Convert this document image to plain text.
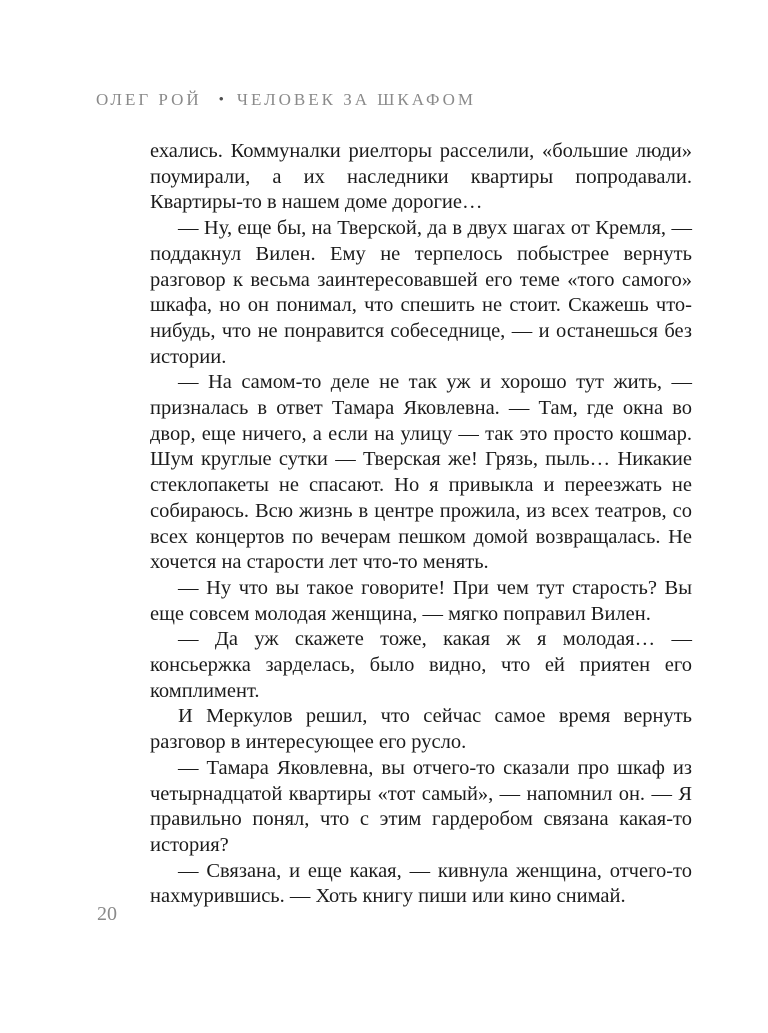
ОЛЕГ РОЙ • ЧЕЛОВЕК ЗА ШКАФОМ

ехались. Коммуналки риелторы расселили, «большие люди» поумирали, а их наследники квартиры попродавали. Квартиры-то в нашем доме дорогие…

— Ну, еще бы, на Тверской, да в двух шагах от Кремля, — поддакнул Вилен. Ему не терпелось побыстрее вернуть разговор к весьма заинтересовавшей его теме «того самого» шкафа, но он понимал, что спешить не стоит. Скажешь что-нибудь, что не понравится собеседнице, — и останешься без истории.

— На самом-то деле не так уж и хорошо тут жить, — призналась в ответ Тамара Яковлевна. — Там, где окна во двор, еще ничего, а если на улицу — так это просто кошмар. Шум круглые сутки — Тверская же! Грязь, пыль… Никакие стеклопакеты не спасают. Но я привыкла и переезжать не собираюсь. Всю жизнь в центре прожила, из всех театров, со всех концертов по вечерам пешком домой возвращалась. Не хочется на старости лет что-то менять.

— Ну что вы такое говорите! При чем тут старость? Вы еще совсем молодая женщина, — мягко поправил Вилен.

— Да уж скажете тоже, какая ж я молодая… — консьержка зарделась, было видно, что ей приятен его комплимент.

И Меркулов решил, что сейчас самое время вернуть разговор в интересующее его русло.

— Тамара Яковлевна, вы отчего-то сказали про шкаф из четырнадцатой квартиры «тот самый», — напомнил он. — Я правильно понял, что с этим гардеробом связана какая-то история?

— Связана, и еще какая, — кивнула женщина, отчего-то нахмурившись. — Хоть книгу пиши или кино снимай.

20
